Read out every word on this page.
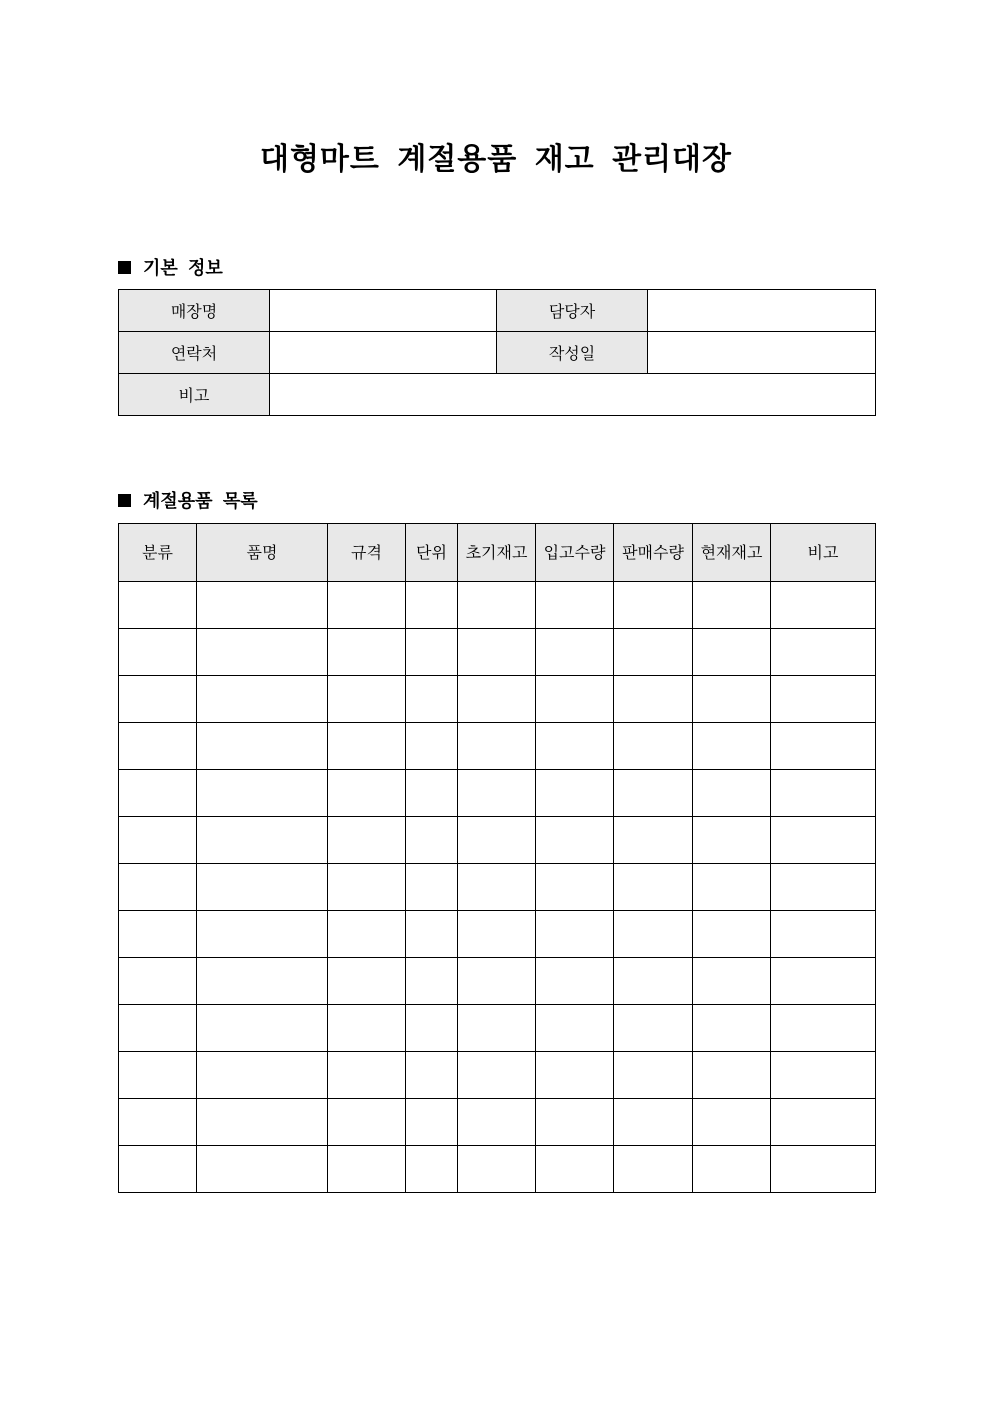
대형마트 계절용품 재고 관리대장
기본 정보
매장명		담당자	
연락처		작성일	
비고			
계절용품 목록
분류	품명	규격	단위	초기재고	입고수량	판매수량	현재재고	비고
